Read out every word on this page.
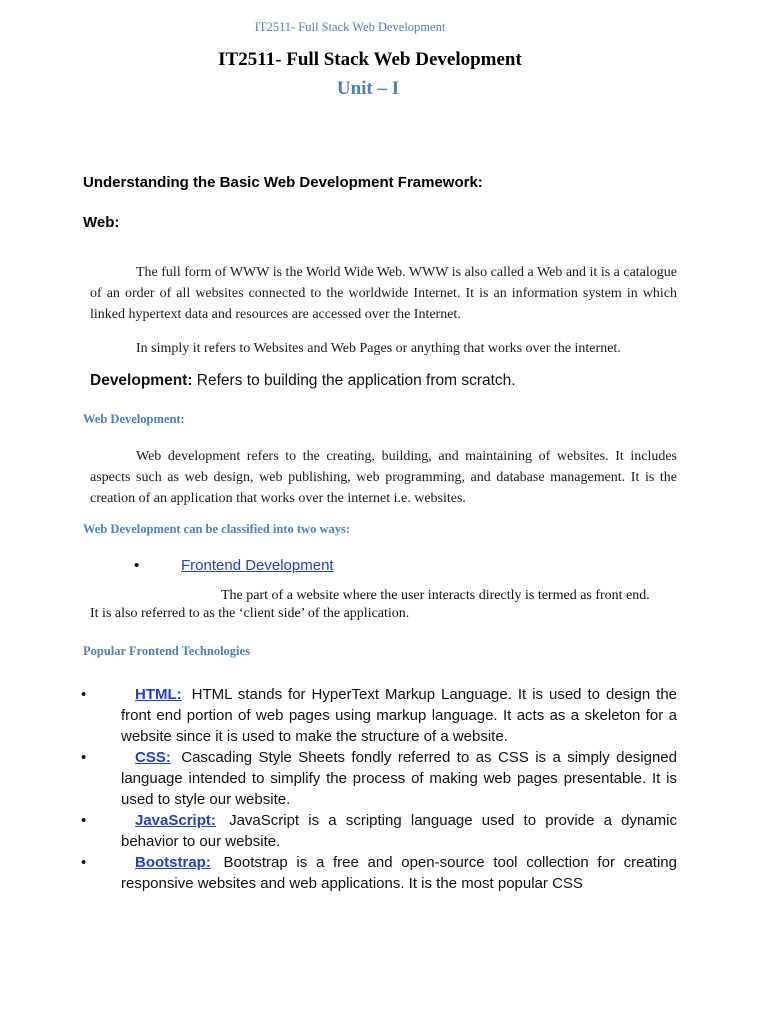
IT2511- Full Stack Web Development
IT2511- Full Stack Web Development
Unit – I
Understanding the Basic Web Development Framework:
Web:
The full form of WWW is the World Wide Web. WWW is also called a Web and it is a catalogue of an order of all websites connected to the worldwide Internet. It is an information system in which linked hypertext data and resources are accessed over the Internet.
In simply it refers to Websites and Web Pages or anything that works over the internet.
Development: Refers to building the application from scratch.
Web Development:
Web development refers to the creating, building, and maintaining of websites. It includes aspects such as web design, web publishing, web programming, and database management. It is the creation of an application that works over the internet i.e. websites.
Web Development can be classified into two ways:
•	Frontend Development
The part of a website where the user interacts directly is termed as front end.
It is also referred to as the ‘client side’ of the application.
Popular Frontend Technologies
•	HTML: HTML stands for HyperText Markup Language. It is used to design the front end portion of web pages using markup language. It acts as a skeleton for a website since it is used to make the structure of a website.
•	CSS: Cascading Style Sheets fondly referred to as CSS is a simply designed language intended to simplify the process of making web pages presentable. It is used to style our website.
•	JavaScript: JavaScript is a scripting language used to provide a dynamic behavior to our website.
•	Bootstrap: Bootstrap is a free and open-source tool collection for creating responsive websites and web applications. It is the most popular CSS
